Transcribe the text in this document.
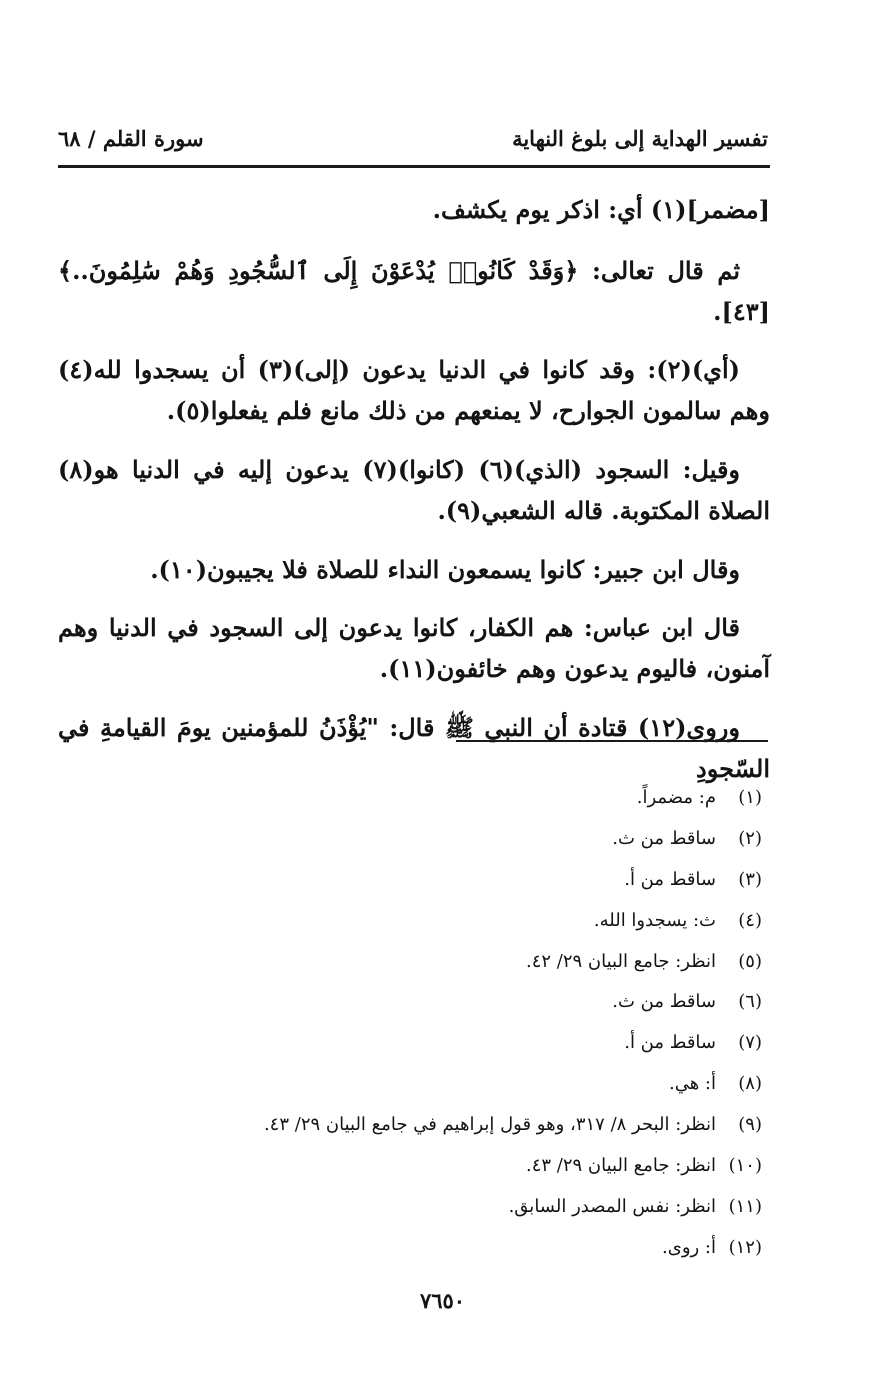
تفسير الهداية إلى بلوغ النهاية
سورة القلم / ٦٨

[مضمر](١) أي: اذكر يوم يكشف.

ثم قال تعالى: ﴿وَقَدْ كَانُوا۟ يُدْعَوْنَ إِلَى ٱلسُّجُودِ وَهُمْ سَٰلِمُونَ..﴾ [٤٣].

(أي)(٢): وقد كانوا في الدنيا يدعون (إلى)(٣) أن يسجدوا لله(٤) وهم سالمون الجوارح، لا يمنعهم من ذلك مانع فلم يفعلوا(٥).

وقيل: السجود (الذي)(٦) (كانوا)(٧) يدعون إليه في الدنيا هو(٨) الصلاة المكتوبة. قاله الشعبي(٩).

وقال ابن جبير: كانوا يسمعون النداء للصلاة فلا يجيبون(١٠).

قال ابن عباس: هم الكفار، كانوا يدعون إلى السجود في الدنيا وهم آمنون، فاليوم يدعون وهم خائفون(١١).

وروى(١٢) قتادة أن النبي ﷺ قال: "يُؤْذَنُ للمؤمنين يومَ القيامةِ في السّجودِ

(١)
م: مضمراً.
(٢)
ساقط من ث.
(٣)
ساقط من أ.
(٤)
ث: يسجدوا الله.
(٥)
انظر: جامع البيان ٢٩/ ٤٢.
(٦)
ساقط من ث.
(٧)
ساقط من أ.
(٨)
أ: هي.
(٩)
انظر: البحر ٨/ ٣١٧، وهو قول إبراهيم في جامع البيان ٢٩/ ٤٣.
(١٠)
انظر: جامع البيان ٢٩/ ٤٣.
(١١)
انظر: نفس المصدر السابق.
(١٢)
أ: روى.
٧٦٥٠
